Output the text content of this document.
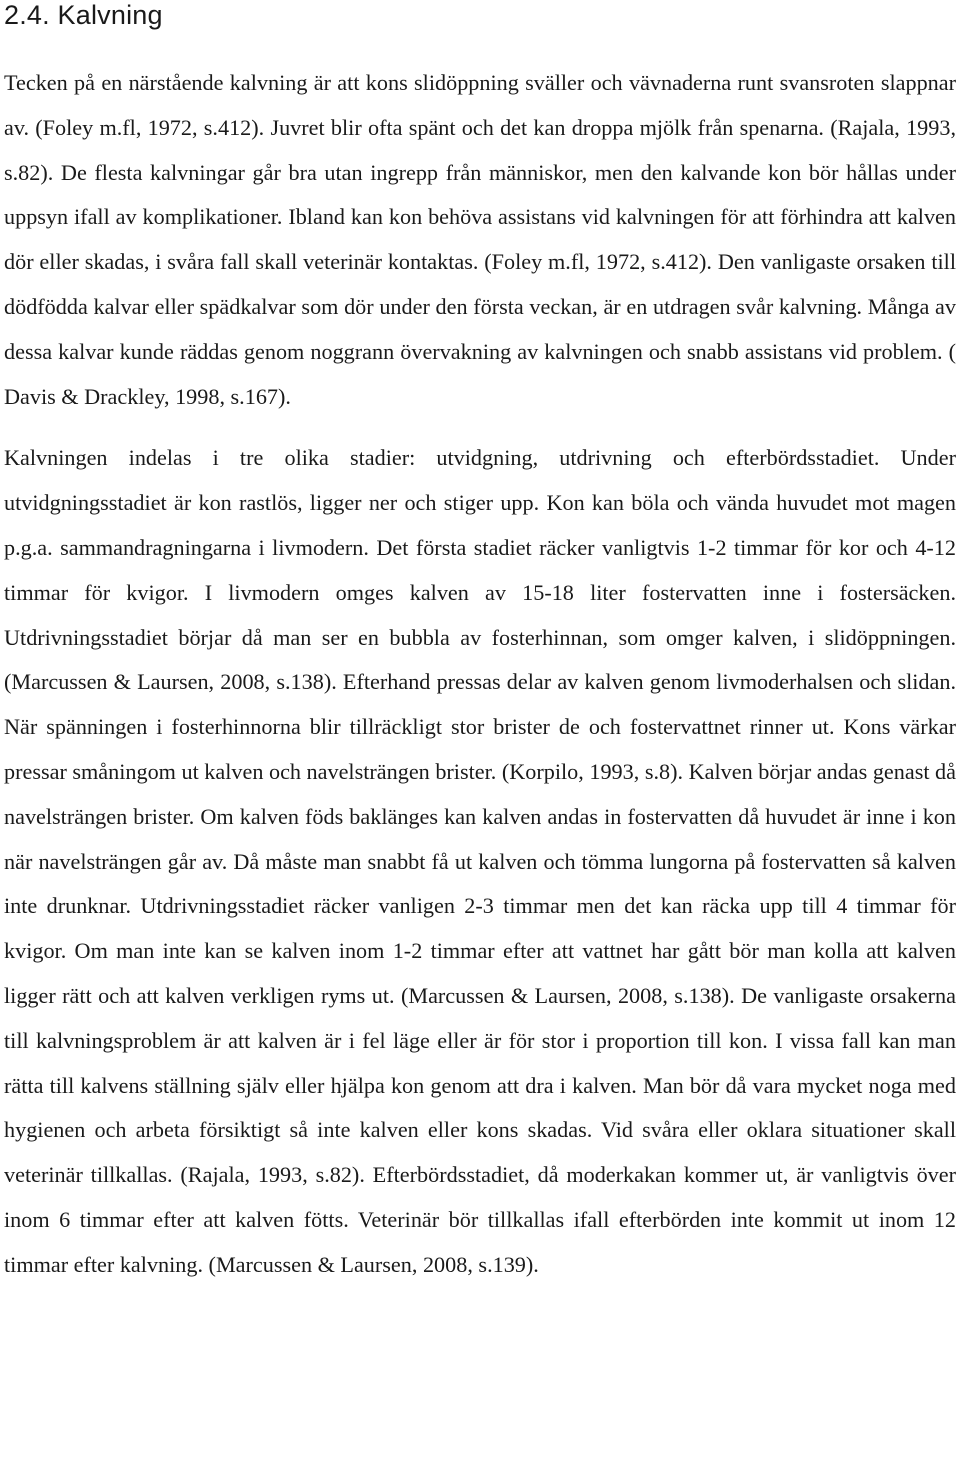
2.4. Kalvning

Tecken på en närstående kalvning är att kons slidöppning sväller och vävnaderna runt svansroten slappnar av. (Foley m.fl, 1972, s.412). Juvret blir ofta spänt och det kan droppa mjölk från spenarna. (Rajala, 1993, s.82). De flesta kalvningar går bra utan ingrepp från människor, men den kalvande kon bör hållas under uppsyn ifall av komplikationer. Ibland kan kon behöva assistans vid kalvningen för att förhindra att kalven dör eller skadas, i svåra fall skall veterinär kontaktas. (Foley m.fl, 1972, s.412). Den vanligaste orsaken till dödfödda kalvar eller spädkalvar som dör under den första veckan, är en utdragen svår kalvning. Många av dessa kalvar kunde räddas genom noggrann övervakning av kalvningen och snabb assistans vid problem. ( Davis & Drackley, 1998, s.167).

Kalvningen indelas i tre olika stadier: utvidgning, utdrivning och efterbördsstadiet. Under utvidgningsstadiet är kon rastlös, ligger ner och stiger upp. Kon kan böla och vända huvudet mot magen p.g.a. sammandragningarna i livmodern. Det första stadiet räcker vanligtvis 1-2 timmar för kor och 4-12 timmar för kvigor. I livmodern omges kalven av 15-18 liter fostervatten inne i fostersäcken. Utdrivningsstadiet börjar då man ser en bubbla av fosterhinnan, som omger kalven, i slidöppningen. (Marcussen & Laursen, 2008, s.138). Efterhand pressas delar av kalven genom livmoderhalsen och slidan. När spänningen i fosterhinnorna blir tillräckligt stor brister de och fostervattnet rinner ut. Kons värkar pressar småningom ut kalven och navelsträngen brister. (Korpilo, 1993, s.8). Kalven börjar andas genast då navelsträngen brister. Om kalven föds baklänges kan kalven andas in fostervatten då huvudet är inne i kon när navelsträngen går av. Då måste man snabbt få ut kalven och tömma lungorna på fostervatten så kalven inte drunknar. Utdrivningsstadiet räcker vanligen 2-3 timmar men det kan räcka upp till 4 timmar för kvigor. Om man inte kan se kalven inom 1-2 timmar efter att vattnet har gått bör man kolla att kalven ligger rätt och att kalven verkligen ryms ut. (Marcussen & Laursen, 2008, s.138). De vanligaste orsakerna till kalvningsproblem är att kalven är i fel läge eller är för stor i proportion till kon. I vissa fall kan man rätta till kalvens ställning själv eller hjälpa kon genom att dra i kalven. Man bör då vara mycket noga med hygienen och arbeta försiktigt så inte kalven eller kons skadas. Vid svåra eller oklara situationer skall veterinär tillkallas. (Rajala, 1993, s.82). Efterbördsstadiet, då moderkakan kommer ut, är vanligtvis över inom 6 timmar efter att kalven fötts. Veterinär bör tillkallas ifall efterbörden inte kommit ut inom 12 timmar efter kalvning. (Marcussen & Laursen, 2008, s.139).
